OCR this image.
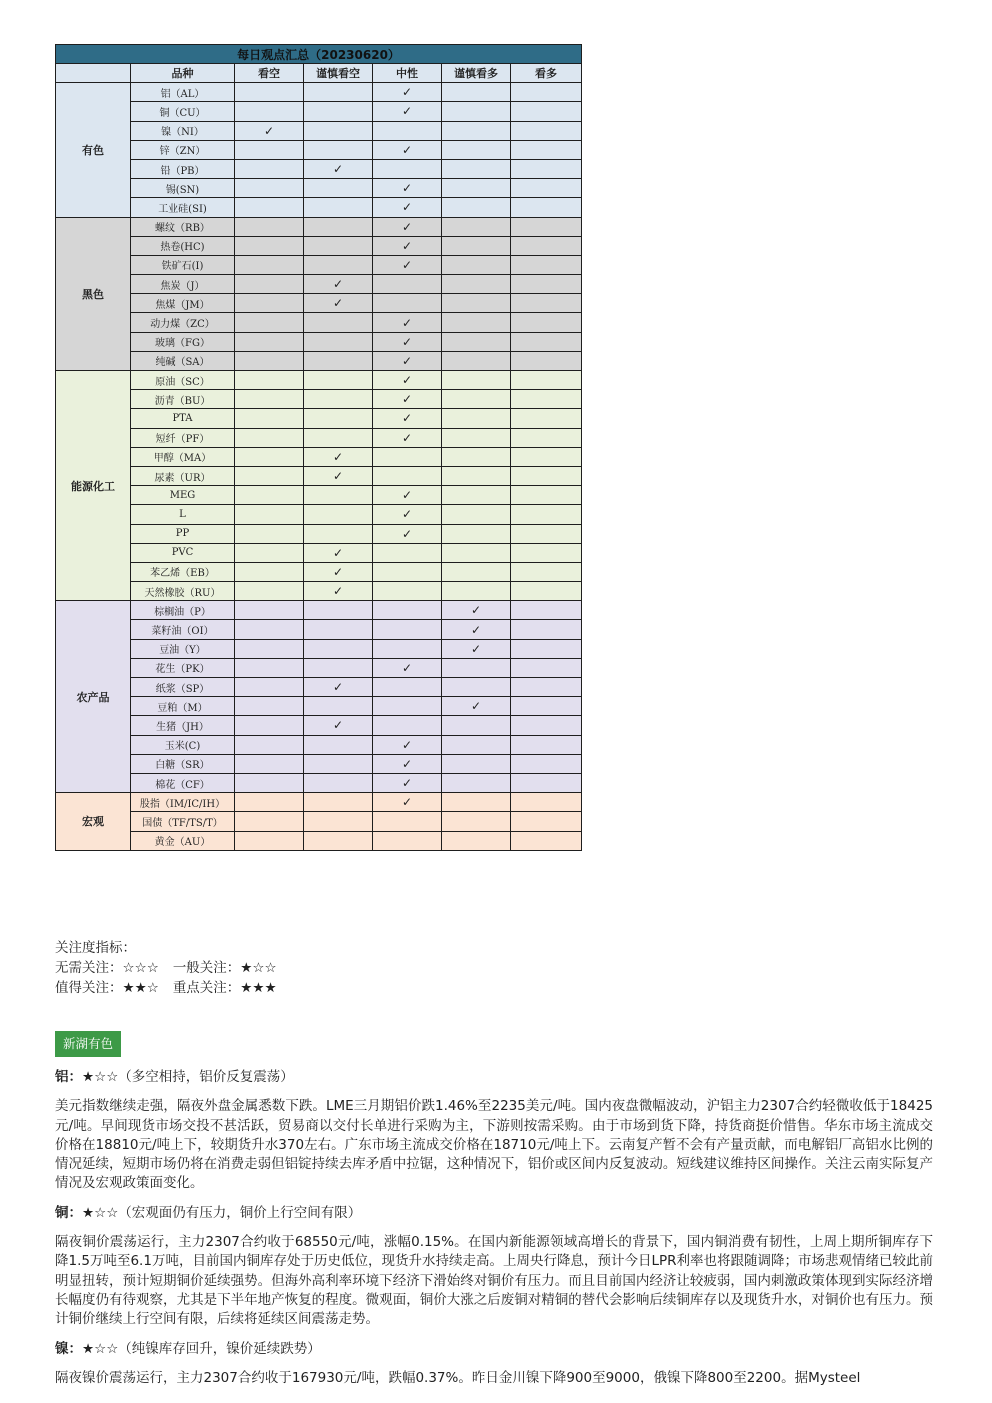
每日观点汇总（20230620）						
	品种	看空	谨慎看空	中性	谨慎看多	看多
有色	铝（AL）			✓		
	铜（CU）			✓		
	镍（NI）	✓				
	锌（ZN）			✓		
	铅（PB）		✓			
	锡(SN)			✓		
	工业硅(SI)			✓		
黑色	螺纹（RB）			✓		
	热卷(HC)			✓		
	铁矿石(I)			✓		
	焦炭（J）		✓			
	焦煤（JM）		✓			
	动力煤（ZC）			✓		
	玻璃（FG）			✓		
	纯碱（SA）			✓		
能源化工	原油（SC）			✓		
	沥青（BU）			✓		
	PTA			✓		
	短纤（PF）			✓		
	甲醇（MA）		✓			
	尿素（UR）		✓			
	MEG			✓		
	L			✓		
	PP			✓		
	PVC		✓			
	苯乙烯（EB）		✓			
	天然橡胶（RU）		✓			
农产品	棕榈油（P）				✓	
	菜籽油（OI）				✓	
	豆油（Y）				✓	
	花生（PK）			✓		
	纸浆（SP）		✓			
	豆粕（M）				✓	
	生猪（JH）		✓			
	玉米(C)			✓		
	白糖（SR）			✓		
	棉花（CF）			✓		
宏观	股指（IM/IC/IH）			✓		
	国债（TF/TS/T）					
	黄金（AU）					
关注度指标：
无需关注：☆☆☆ 一般关注：★☆☆
值得关注：★★☆ 重点关注：★★★
新湖有色
铝：★☆☆（多空相持，铝价反复震荡）
美元指数继续走强，隔夜外盘金属悉数下跌。LME三月期铝价跌1.46%至2235美元/吨。国内夜盘微幅波动，沪铝主力2307合约轻微收低于18425元/吨。早间现货市场交投不甚活跃，贸易商以交付长单进行采购为主，下游则按需采购。由于市场到货下降，持货商挺价惜售。华东市场主流成交价格在18810元/吨上下，较期货升水370左右。广东市场主流成交价格在18710元/吨上下。云南复产暂不会有产量贡献，而电解铝厂高铝水比例的情况延续，短期市场仍将在消费走弱但铝锭持续去库矛盾中拉锯，这种情况下，铝价或区间内反复波动。短线建议维持区间操作。关注云南实际复产情况及宏观政策面变化。
铜：★☆☆（宏观面仍有压力，铜价上行空间有限）
隔夜铜价震荡运行，主力2307合约收于68550元/吨，涨幅0.15%。在国内新能源领域高增长的背景下，国内铜消费有韧性，上周上期所铜库存下降1.5万吨至6.1万吨，目前国内铜库存处于历史低位，现货升水持续走高。上周央行降息，预计今日LPR利率也将跟随调降；市场悲观情绪已较此前明显扭转，预计短期铜价延续强势。但海外高利率环境下经济下滑始终对铜价有压力。而且目前国内经济让较疲弱，国内刺激政策体现到实际经济增长幅度仍有待观察，尤其是下半年地产恢复的程度。微观面，铜价大涨之后废铜对精铜的替代会影响后续铜库存以及现货升水，对铜价也有压力。预计铜价继续上行空间有限，后续将延续区间震荡走势。
镍：★☆☆（纯镍库存回升，镍价延续跌势）
隔夜镍价震荡运行，主力2307合约收于167930元/吨，跌幅0.37%。昨日金川镍下降900至9000，俄镍下降800至2200。据Mysteel
